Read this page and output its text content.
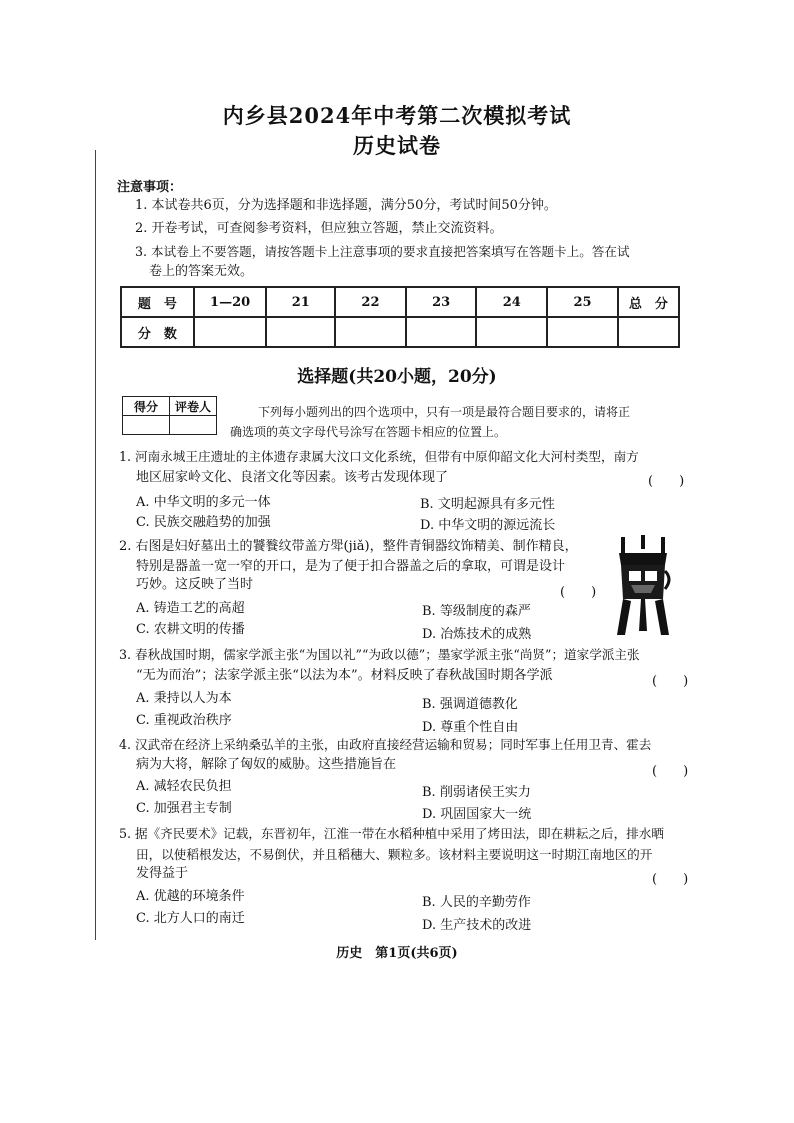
内乡县2024年中考第二次模拟考试
历史试卷
注意事项：
1. 本试卷共6页，分为选择题和非选择题，满分50分，考试时间50分钟。
2. 开卷考试，可查阅参考资料，但应独立答题，禁止交流资料。
3. 本试卷上不要答题，请按答题卡上注意事项的要求直接把答案填写在答题卡上。答在试
卷上的答案无效。
题　号	1—20	21	22	23	24	25	总　分
分　数							
选择题(共20小题，20分)
得分	评卷人
		下列每小题列出的四个选项中，只有一项是最符合题目要求的，请将正
确选项的英文字母代号涂写在答题卡相应的位置上。
1. 河南永城王庄遗址的主体遗存隶属大汶口文化系统，但带有中原仰韶文化大河村类型，南方
地区屈家岭文化、良渚文化等因素。该考古发现体现了	(　　)
A. 中华文明的多元一体	B. 文明起源具有多元性
C. 民族交融趋势的加强	D. 中华文明的源远流长
2. 右图是妇好墓出土的饕餮纹带盖方斝(jiǎ)，整件青铜器纹饰精美、制作精良，
特别是器盖一宽一窄的开口，是为了便于扣合器盖之后的拿取，可谓是设计
巧妙。这反映了当时
(　　)
A. 铸造工艺的高超	B. 等级制度的森严
C. 农耕文明的传播	D. 冶炼技术的成熟
3. 春秋战国时期，儒家学派主张“为国以礼”“为政以德”；墨家学派主张“尚贤”；道家学派主张
“无为而治”；法家学派主张“以法为本”。材料反映了春秋战国时期各学派	(　　)
A. 秉持以人为本	B. 强调道德教化
C. 重视政治秩序	D. 尊重个性自由
4. 汉武帝在经济上采纳桑弘羊的主张，由政府直接经营运输和贸易；同时军事上任用卫青、霍去
病为大将，解除了匈奴的威胁。这些措施旨在	(　　)
A. 减轻农民负担	B. 削弱诸侯王实力
C. 加强君主专制	D. 巩固国家大一统
5. 据《齐民要术》记载，东晋初年，江淮一带在水稻种植中采用了烤田法，即在耕耘之后，排水晒
田，以使稻根发达，不易倒伏，并且稻穗大、颗粒多。该材料主要说明这一时期江南地区的开
发得益于	(　　)
A. 优越的环境条件	B. 人民的辛勤劳作
C. 北方人口的南迁	D. 生产技术的改进
历史　第1页(共6页)
